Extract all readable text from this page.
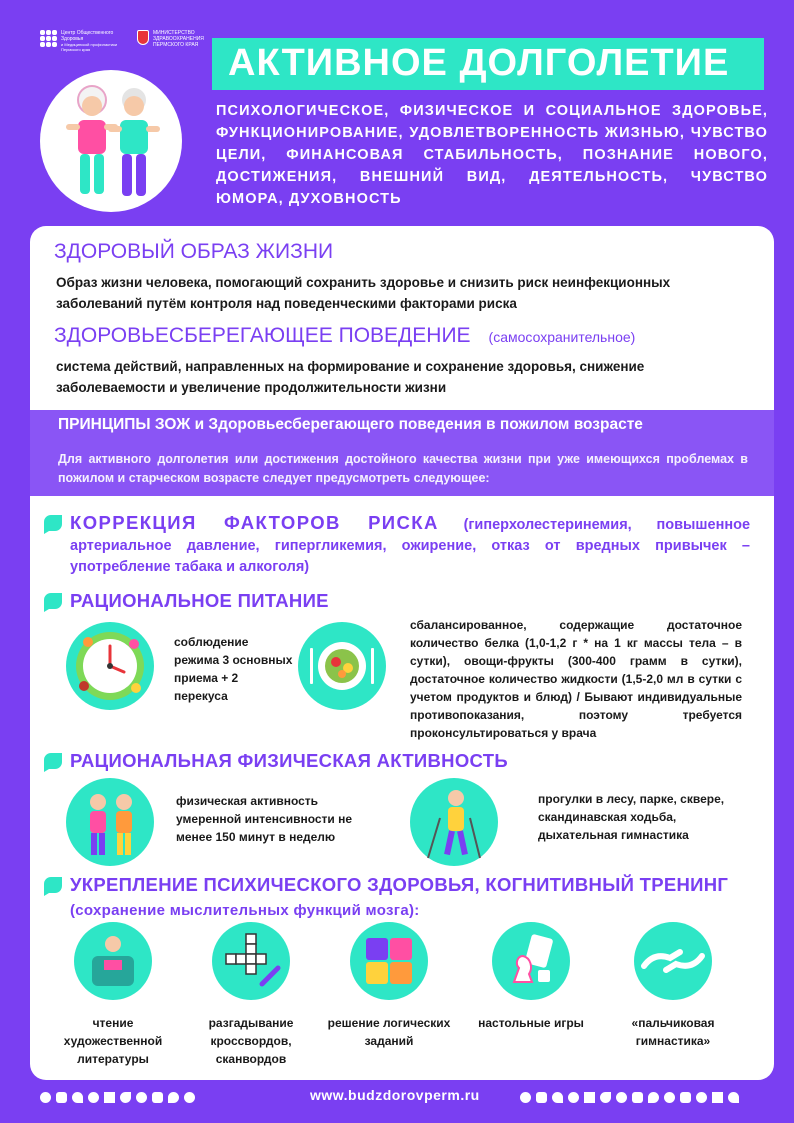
Центр Общественного Здоровья
и Медицинской профилактики Пермского края
МИНИСТЕРСТВО ЗДРАВООХРАНЕНИЯ ПЕРМСКОГО КРАЯ АКТИВНОЕ ДОЛГОЛЕТИЕ
ПСИХОЛОГИЧЕСКОЕ, ФИЗИЧЕСКОЕ И СОЦИАЛЬНОЕ ЗДОРОВЬЕ, ФУНКЦИОНИРОВАНИЕ, УДОВЛЕТВОРЕННОСТЬ ЖИЗНЬЮ, ЧУВСТВО ЦЕЛИ, ФИНАНСОВАЯ СТАБИЛЬНОСТЬ, ПОЗНАНИЕ НОВОГО, ДОСТИЖЕНИЯ, ВНЕШНИЙ ВИД, ДЕЯТЕЛЬНОСТЬ, ЧУВСТВО ЮМОРА, ДУХОВНОСТЬ
ЗДОРОВЫЙ ОБРАЗ ЖИЗНИ
Образ жизни человека, помогающий сохранить здоровье и снизить риск неинфекционных заболеваний путём контроля над поведенческими факторами риска
ЗДОРОВЬЕСБЕРЕГАЮЩЕЕ ПОВЕДЕНИЕ (самосохранительное)
система действий, направленных на формирование и сохранение здоровья, снижение заболеваемости и увеличение продолжительности жизни
ПРИНЦИПЫ ЗОЖ и Здоровьесберегающего поведения в пожилом возрасте
Для активного долголетия или достижения достойного качества жизни при уже имеющихся проблемах в пожилом и старческом возрасте следует предусмотреть следующее:
КОРРЕКЦИЯ ФАКТОРОВ РИСКА (гиперхолестеринемия, повышенное артериальное давление, гипергликемия, ожирение, отказ от вредных привычек – употребление табака и алкоголя)
РАЦИОНАЛЬНОЕ ПИТАНИЕ
соблюдение режима 3 основных приема + 2 перекуса
сбалансированное, содержащие достаточное количество белка (1,0-1,2 г * на 1 кг массы тела – в сутки), овощи-фрукты (300-400 грамм в сутки), достаточное количество жидкости (1,5-2,0 мл в сутки с учетом продуктов и блюд) / Бывают индивидуальные противопоказания, поэтому требуется проконсультироваться у врача
РАЦИОНАЛЬНАЯ ФИЗИЧЕСКАЯ АКТИВНОСТЬ
физическая активность умеренной интенсивности не менее 150 минут в неделю
прогулки в лесу, парке, сквере, скандинавская ходьба, дыхательная гимнастика
УКРЕПЛЕНИЕ ПСИХИЧЕСКОГО ЗДОРОВЬЯ, КОГНИТИВНЫЙ ТРЕНИНГ
(сохранение мыслительных функций мозга):
чтение художественной литературы
разгадывание кроссвордов, сканвордов
решение логических заданий
настольные игры	«пальчиковая гимнастика»
www.budzdorovperm.ru
